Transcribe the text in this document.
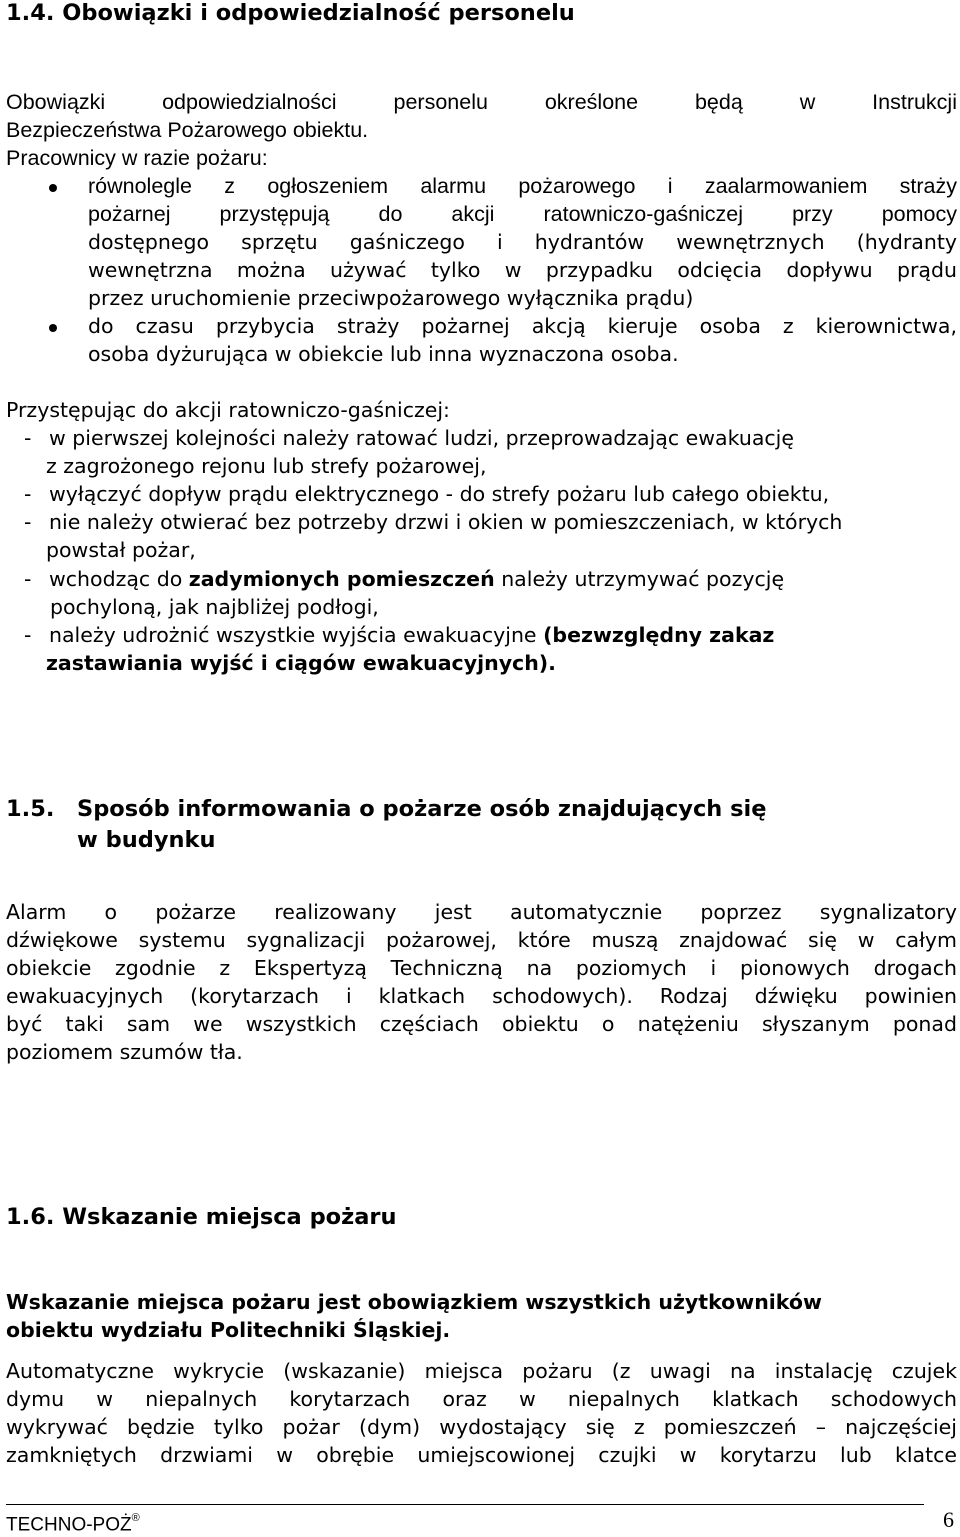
1.4. Obowiązki i odpowiedzialność personelu
Obowiązki odpowiedzialności personelu określone będą w Instrukcji
Bezpieczeństwa Pożarowego obiektu.
Pracownicy w razie pożaru:
równolegle z ogłoszeniem alarmu pożarowego i zaalarmowaniem straży
pożarnej przystępują do akcji ratowniczo-gaśniczej przy pomocy
dostępnego sprzętu gaśniczego i hydrantów wewnętrznych (hydranty
wewnętrzna można używać tylko w przypadku odcięcia dopływu prądu
przez uruchomienie przeciwpożarowego wyłącznika prądu)
do czasu przybycia straży pożarnej akcją kieruje osoba z kierownictwa,
osoba dyżurująca w obiekcie lub inna wyznaczona osoba.
Przystępując do akcji ratowniczo-gaśniczej:
- w pierwszej kolejności należy ratować ludzi, przeprowadzając ewakuację
z zagrożonego rejonu lub strefy pożarowej,
- wyłączyć dopływ prądu elektrycznego - do strefy pożaru lub całego obiektu,
- nie należy otwierać bez potrzeby drzwi i okien w pomieszczeniach, w których
powstał pożar,
- wchodząc do zadymionych pomieszczeń należy utrzymywać pozycję
pochyloną, jak najbliżej podłogi,
- należy udrożnić wszystkie wyjścia ewakuacyjne (bezwzględny zakaz
zastawiania wyjść i ciągów ewakuacyjnych).
1.5. Sposób informowania o pożarze osób znajdujących się
w budynku
Alarm o pożarze realizowany jest automatycznie poprzez sygnalizatory
dźwiękowe systemu sygnalizacji pożarowej, które muszą znajdować się w całym
obiekcie zgodnie z Ekspertyzą Techniczną na poziomych i pionowych drogach
ewakuacyjnych (korytarzach i klatkach schodowych). Rodzaj dźwięku powinien
być taki sam we wszystkich częściach obiektu o natężeniu słyszanym ponad
poziomem szumów tła.
1.6. Wskazanie miejsca pożaru
Wskazanie miejsca pożaru jest obowiązkiem wszystkich użytkowników
obiektu wydziału Politechniki Śląskiej.
Automatyczne wykrycie (wskazanie) miejsca pożaru (z uwagi na instalację czujek
dymu w niepalnych korytarzach oraz w niepalnych klatkach schodowych
wykrywać będzie tylko pożar (dym) wydostający się z pomieszczeń – najczęściej
zamkniętych drzwiami w obrębie umiejscowionej czujki w korytarzu lub klatce
TECHNO-POŻ®	6
